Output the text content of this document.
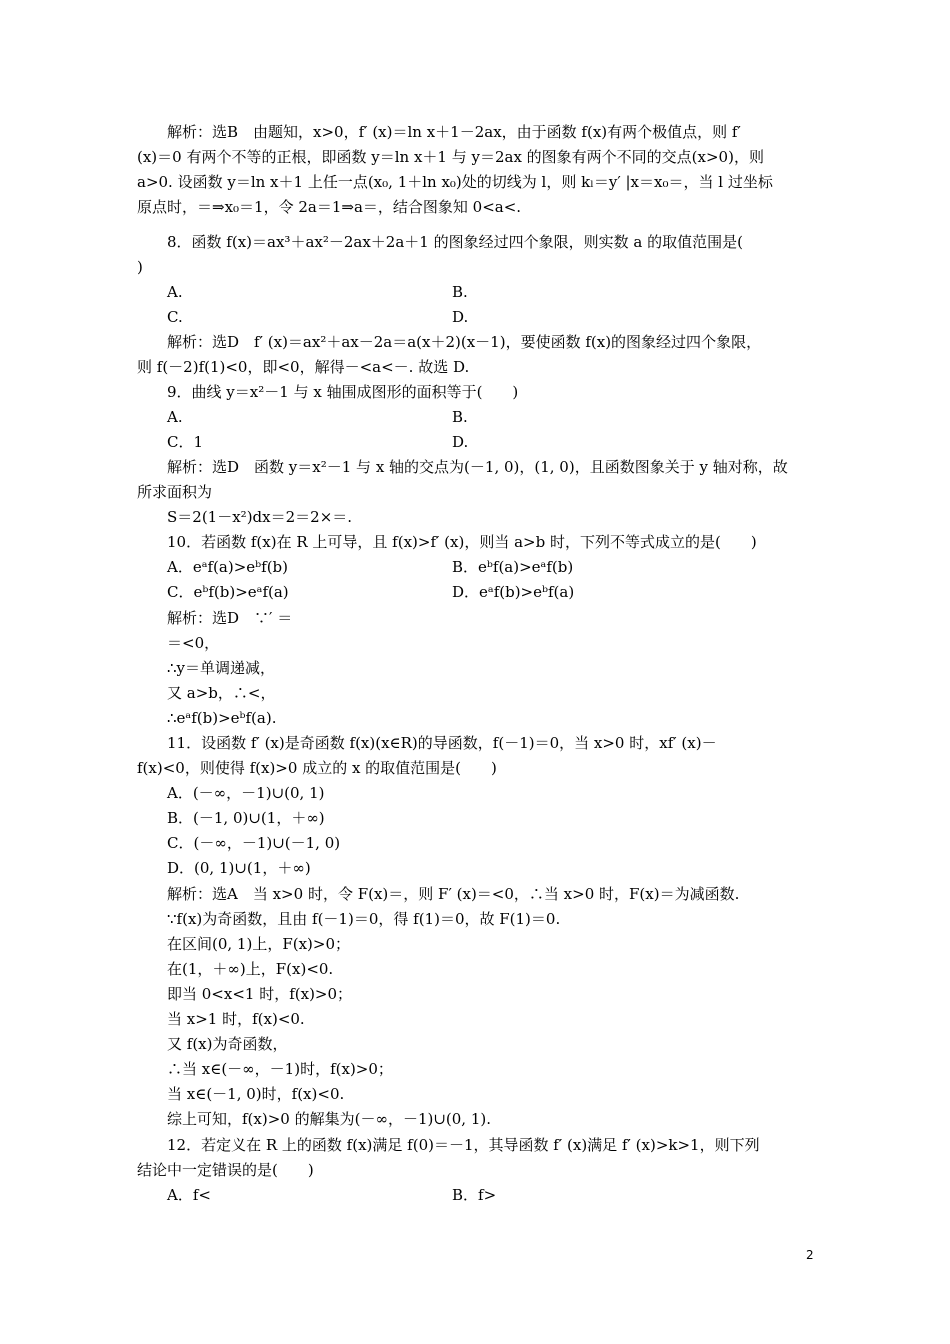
解析：选B　由题知，x>0，f′ (x)＝ln x＋1－2ax，由于函数 f(x)有两个极值点，则 f′
(x)＝0 有两个不等的正根，即函数 y＝ln x＋1 与 y＝2ax 的图象有两个不同的交点(x>0)，则
a>0. 设函数 y＝ln x＋1 上任一点(x₀, 1＋ln x₀)处的切线为 l，则 kₗ＝y′ |x＝x₀＝，当 l 过坐标
原点时，＝⇒x₀＝1，令 2a＝1⇒a＝，结合图象知 0<a<.
8．函数 f(x)＝ax³＋ax²－2ax＋2a＋1 的图象经过四个象限，则实数 a 的取值范围是(
)
A.	B.
C.	D.
解析：选D　f′ (x)＝ax²＋ax－2a＝a(x＋2)(x－1)，要使函数 f(x)的图象经过四个象限，
则 f(－2)f(1)<0，即<0，解得－<a<－. 故选 D.
9．曲线 y＝x²－1 与 x 轴围成图形的面积等于(　　)
A.	B.
C．1	D.
解析：选D　函数 y＝x²－1 与 x 轴的交点为(－1, 0)，(1, 0)，且函数图象关于 y 轴对称，故
所求面积为
S＝2(1－x²)dx＝2＝2×＝.
10．若函数 f(x)在 R 上可导，且 f(x)>f′ (x)，则当 a>b 时，下列不等式成立的是(　　)
A．eᵃf(a)>eᵇf(b)	B．eᵇf(a)>eᵃf(b)
C．eᵇf(b)>eᵃf(a)	D．eᵃf(b)>eᵇf(a)
解析：选D　∵′ ＝
＝<0，
∴y＝单调递减，
又 a>b，∴<，
∴eᵃf(b)>eᵇf(a).
11．设函数 f′ (x)是奇函数 f(x)(x∈R)的导函数，f(－1)＝0，当 x>0 时，xf′ (x)－
f(x)<0，则使得 f(x)>0 成立的 x 的取值范围是(　　)
A．(－∞，－1)∪(0, 1)
B．(－1, 0)∪(1，＋∞)
C．(－∞，－1)∪(－1, 0)
D．(0, 1)∪(1，＋∞)
解析：选A　当 x>0 时，令 F(x)＝，则 F′ (x)＝<0，∴当 x>0 时，F(x)＝为减函数.
∵f(x)为奇函数，且由 f(－1)＝0，得 f(1)＝0，故 F(1)＝0.
在区间(0, 1)上，F(x)>0；
在(1，＋∞)上，F(x)<0.
即当 0<x<1 时，f(x)>0；
当 x>1 时，f(x)<0.
又 f(x)为奇函数，
∴当 x∈(－∞，－1)时，f(x)>0；
当 x∈(－1, 0)时，f(x)<0.
综上可知，f(x)>0 的解集为(－∞，－1)∪(0, 1).
12．若定义在 R 上的函数 f(x)满足 f(0)＝－1，其导函数 f′ (x)满足 f′ (x)>k>1，则下列
结论中一定错误的是(　　)
A．f<	B．f>
2
